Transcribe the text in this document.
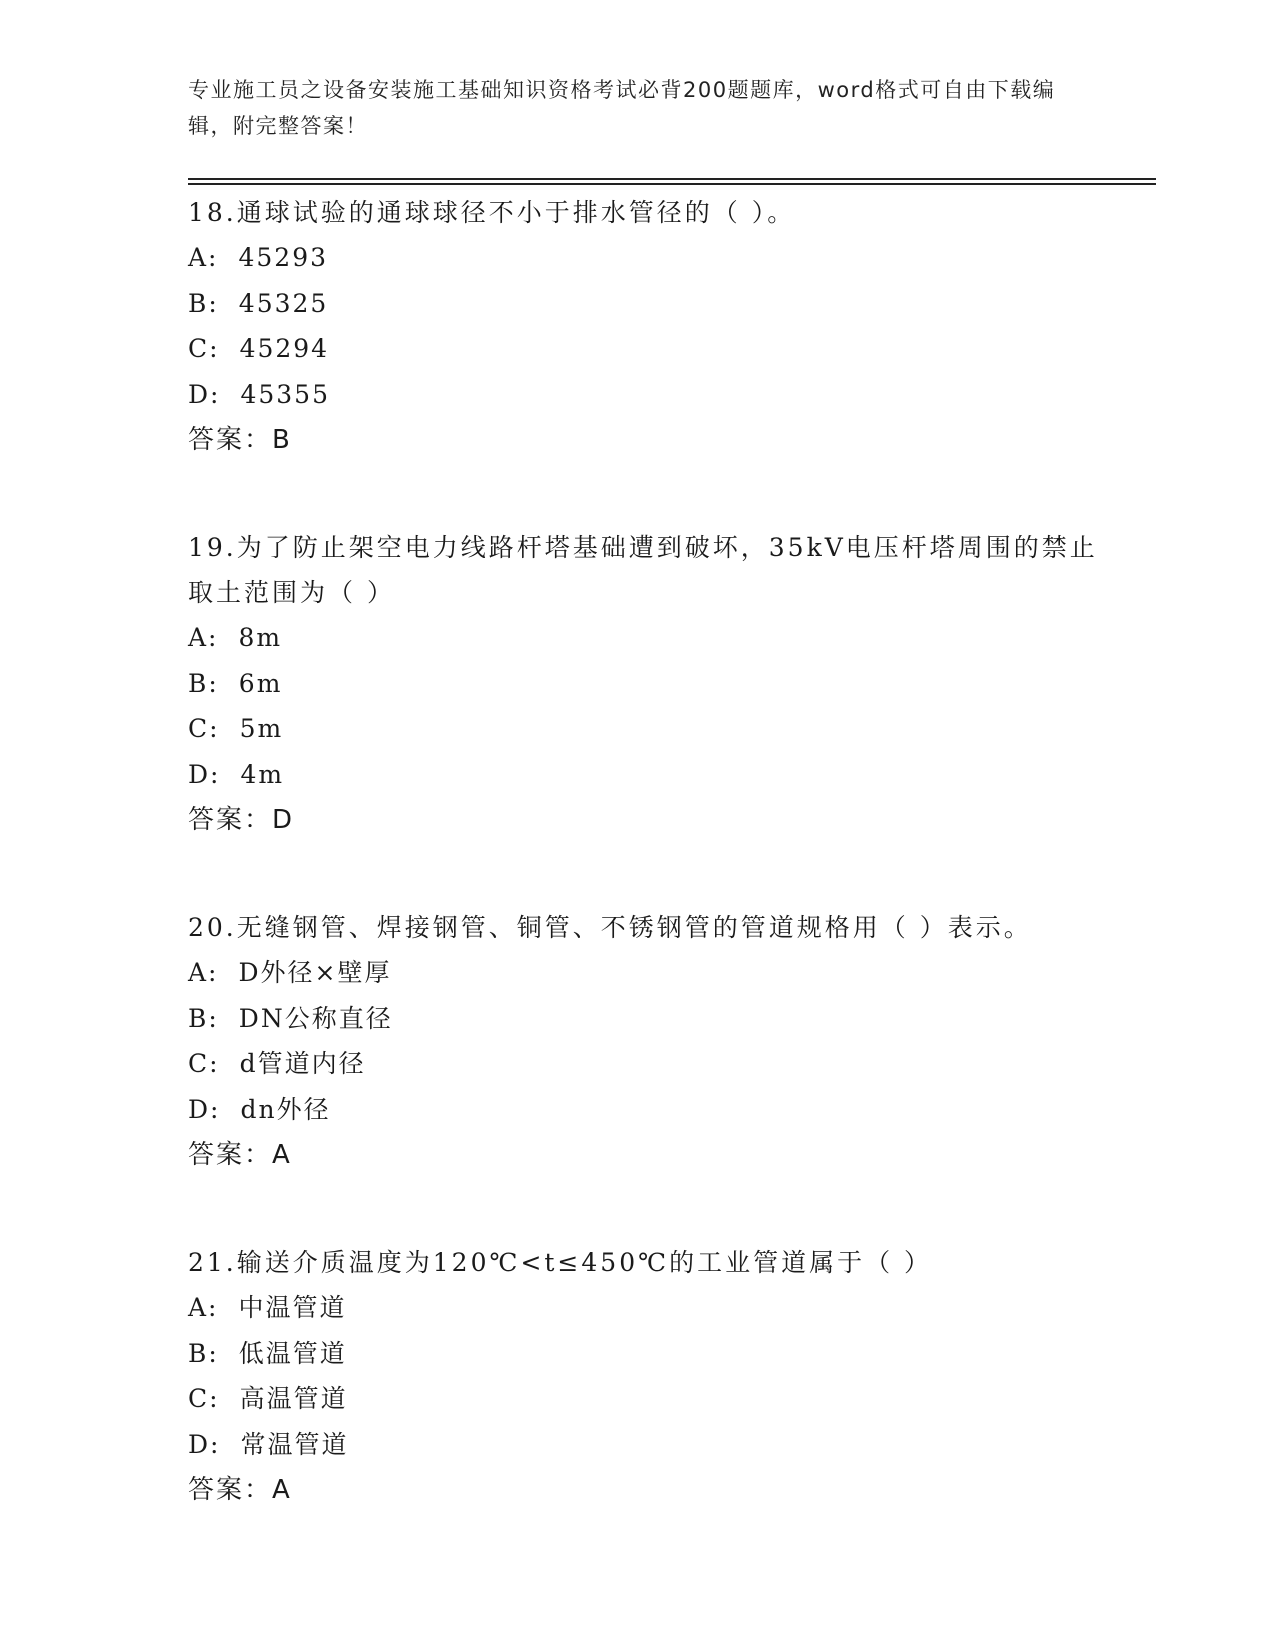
专业施工员之设备安装施工基础知识资格考试必背200题题库，word格式可自由下载编辑，附完整答案！
18.通球试验的通球球径不小于排水管径的（ ）。
A: 45293
B: 45325
C: 45294
D: 45355
答案：B
19.为了防止架空电力线路杆塔基础遭到破坏，35kV电压杆塔周围的禁止取土范围为（ ）
A: 8m
B: 6m
C: 5m
D: 4m
答案：D
20.无缝钢管、焊接钢管、铜管、不锈钢管的管道规格用（ ）表示。
A: D外径×壁厚
B: DN公称直径
C: d管道内径
D: dn外径
答案：A
21.输送介质温度为120℃<t≤450℃的工业管道属于（ ）
A: 中温管道
B: 低温管道
C: 高温管道
D: 常温管道
答案：A
